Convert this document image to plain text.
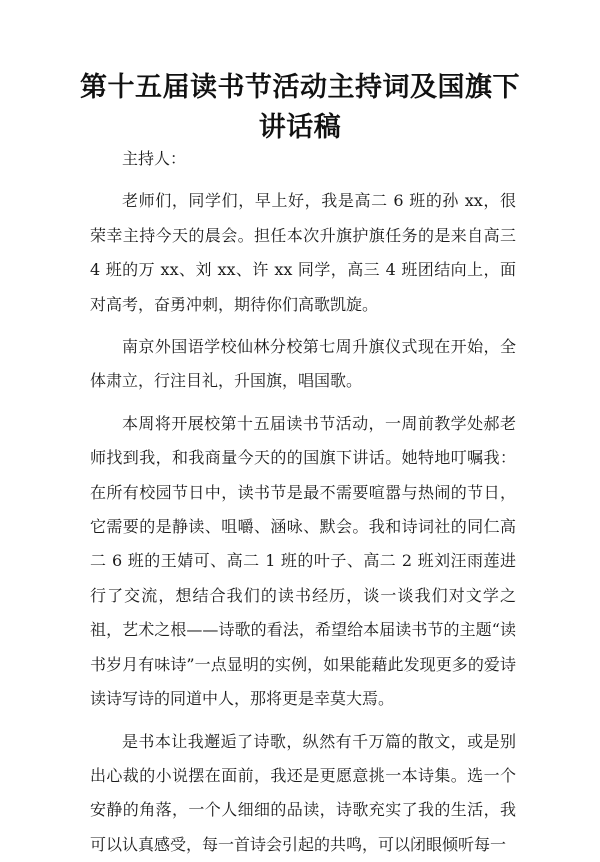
第十五届读书节活动主持词及国旗下讲话稿

主持人：

老师们，同学们，早上好，我是高二 6 班的孙 xx，很荣幸主持今天的晨会。担任本次升旗护旗任务的是来自高三 4 班的万 xx、刘 xx、许 xx 同学，高三 4 班团结向上，面对高考，奋勇冲刺，期待你们高歌凯旋。

南京外国语学校仙林分校第七周升旗仪式现在开始，全体肃立，行注目礼，升国旗，唱国歌。

本周将开展校第十五届读书节活动，一周前教学处郝老师找到我，和我商量今天的的国旗下讲话。她特地叮嘱我：在所有校园节日中，读书节是最不需要喧嚣与热闹的节日，它需要的是静读、咀嚼、涵咏、默会。我和诗词社的同仁高二 6 班的王婧可、高二 1 班的叶子、高二 2 班刘汪雨莲进行了交流，想结合我们的读书经历，谈一谈我们对文学之祖，艺术之根——诗歌的看法，希望给本届读书节的主题“读书岁月有味诗”一点显明的实例，如果能藉此发现更多的爱诗读诗写诗的同道中人，那将更是幸莫大焉。

是书本让我邂逅了诗歌，纵然有千万篇的散文，或是别出心裁的小说摆在面前，我还是更愿意挑一本诗集。选一个安静的角落，一个人细细的品读，诗歌充实了我的生活，我可以认真感受，每一首诗会引起的共鸣，可以闭眼倾听每一
